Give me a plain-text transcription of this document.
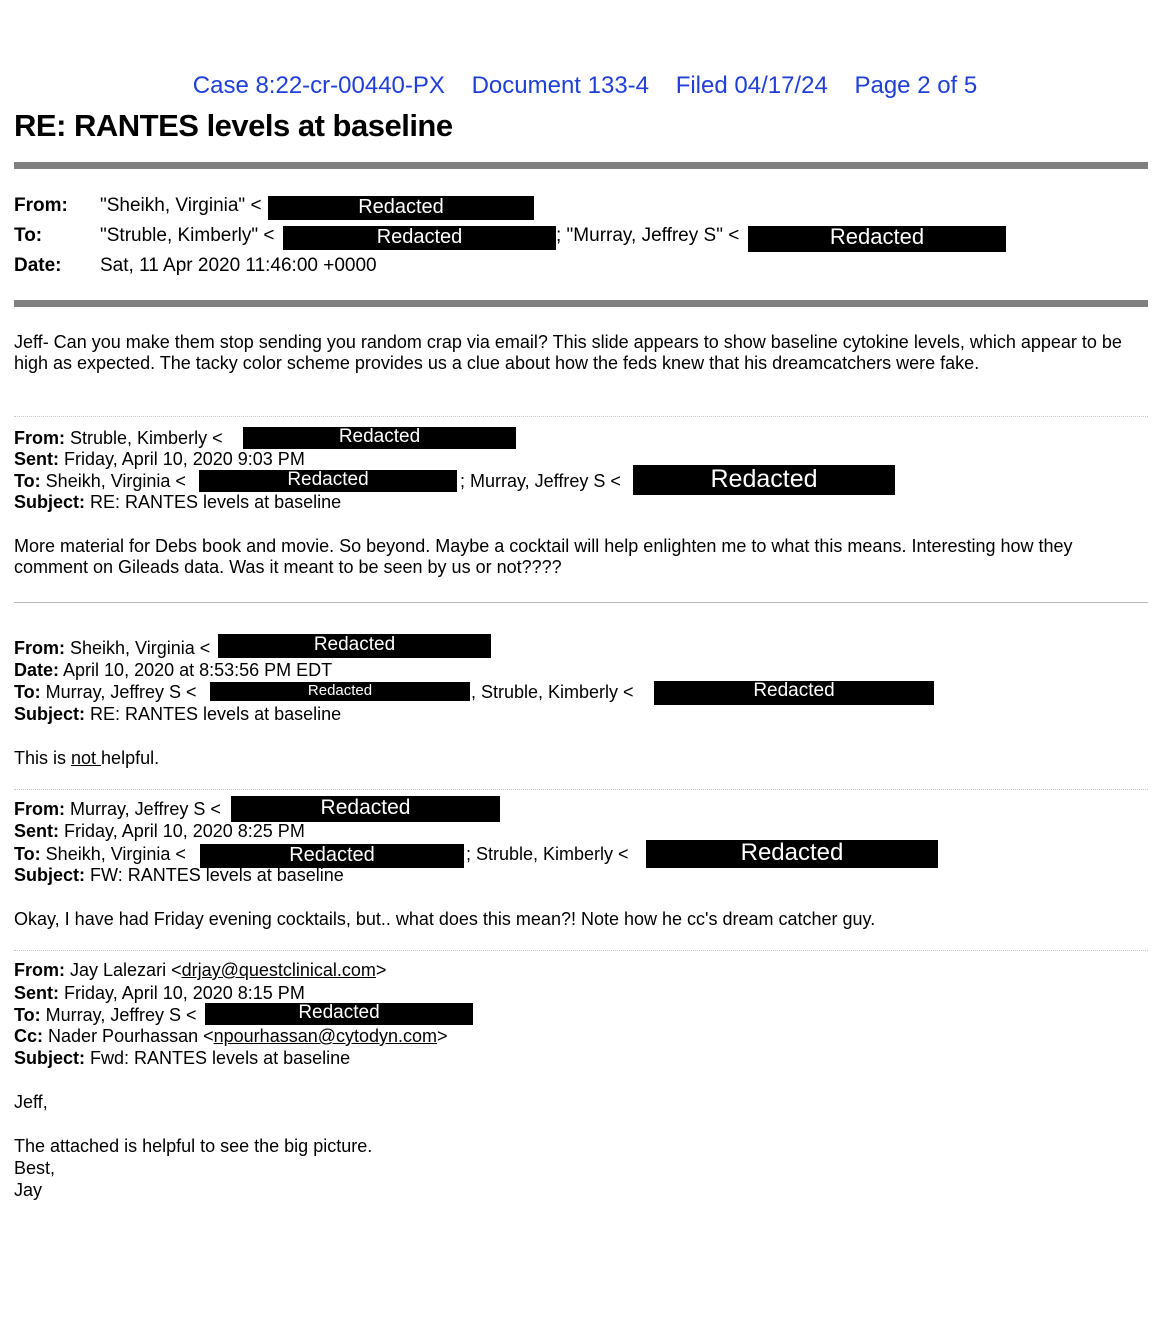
Case 8:22-cr-00440-PX Document 133-4 Filed 04/17/24 Page 2 of 5
RE: RANTES levels at baseline
From: "Sheikh, Virginia" <	Redacted
To:	"Struble, Kimberly" <	Redacted	; "Murray, Jeffrey S" <	Redacted
Date: Sat, 11 Apr 2020 11:46:00 +0000
Jeff- Can you make them stop sending you random crap via email? This slide appears to show baseline cytokine levels, which appear to be high as expected. The tacky color scheme provides us a clue about how the feds knew that his dreamcatchers were fake.
From: Struble, Kimberly <	Redacted
Sent: Friday, April 10, 2020 9:03 PM
To: Sheikh, Virginia <	Redacted	; Murray, Jeffrey S <	Redacted
Subject: RE: RANTES levels at baseline
More material for Debs book and movie. So beyond. Maybe a cocktail will help enlighten me to what this means. Interesting how they comment on Gileads data. Was it meant to be seen by us or not????
From: Sheikh, Virginia <	Redacted
Date: April 10, 2020 at 8:53:56 PM EDT
To: Murray, Jeffrey S <	Redacted	, Struble, Kimberly <	Redacted
Subject: RE: RANTES levels at baseline
This is not helpful.
From: Murray, Jeffrey S <	Redacted
Sent: Friday, April 10, 2020 8:25 PM
To: Sheikh, Virginia <	Redacted	; Struble, Kimberly <	Redacted
Subject: FW: RANTES levels at baseline
Okay, I have had Friday evening cocktails, but.. what does this mean?! Note how he cc's dream catcher guy.
From: Jay Lalezari <drjay@questclinical.com>
Sent: Friday, April 10, 2020 8:15 PM
To: Murray, Jeffrey S <	Redacted
Cc: Nader Pourhassan <npourhassan@cytodyn.com>
Subject: Fwd: RANTES levels at baseline
Jeff,
The attached is helpful to see the big picture.
Best,
Jay
